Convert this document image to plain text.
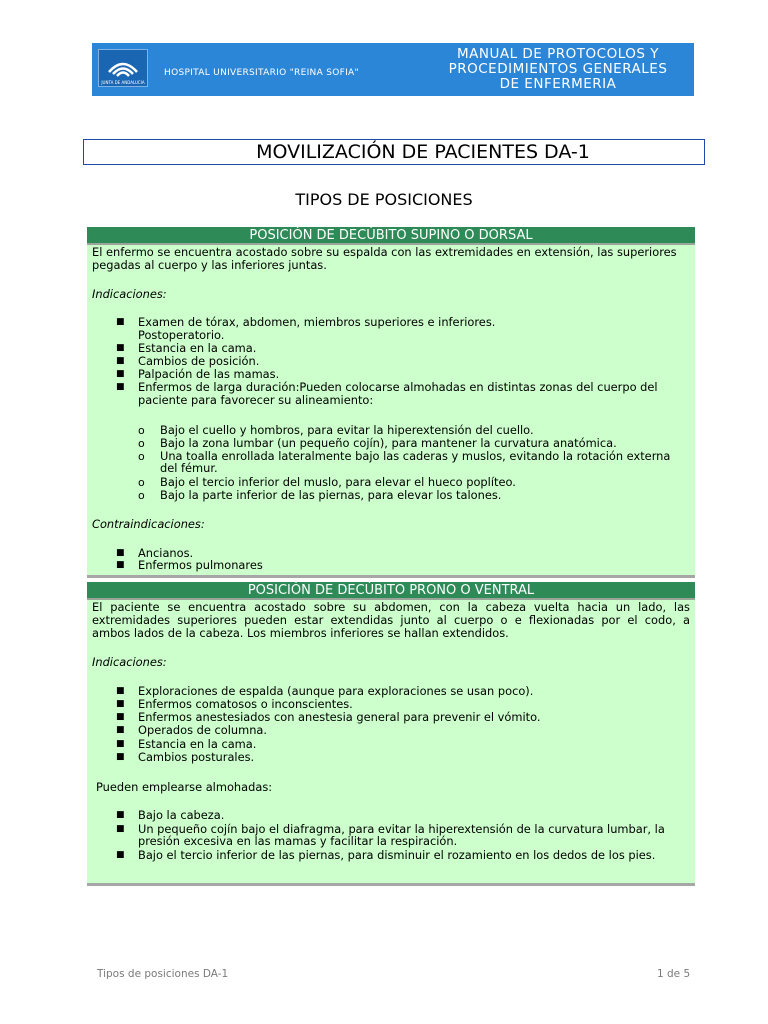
JUNTA DE ANDALUCIA
HOSPITAL UNIVERSITARIO "REINA SOFIA"
MANUAL DE PROTOCOLOS Y
PROCEDIMIENTOS GENERALES
DE ENFERMERIA
MOVILIZACIÓN DE PACIENTES DA-1
TIPOS DE POSICIONES
POSICIÓN DE DECÚBITO SUPINO O DORSAL
El enfermo se encuentra acostado sobre su espalda con las extremidades en extensión, las superiores
pegadas al cuerpo y las inferiores juntas.
Indicaciones:
■ Examen de tórax, abdomen, miembros superiores e inferiores.
Postoperatorio.
■ Estancia en la cama.
■ Cambios de posición.
■ Palpación de las mamas.
■ Enfermos de larga duración:Pueden colocarse almohadas en distintas zonas del cuerpo del
paciente para favorecer su alineamiento:
o Bajo el cuello y hombros, para evitar la hiperextensión del cuello.
o Bajo la zona lumbar (un pequeño cojín), para mantener la curvatura anatómica.
o Una toalla enrollada lateralmente bajo las caderas y muslos, evitando la rotación externa
del fémur.
o Bajo el tercio inferior del muslo, para elevar el hueco poplíteo.
o Bajo la parte inferior de las piernas, para elevar los talones.
Contraindicaciones:
■ Ancianos.
■ Enfermos pulmonares
POSICIÓN DE DECÚBITO PRONO O VENTRAL
El paciente se encuentra acostado sobre su abdomen, con la cabeza vuelta hacia un lado, las
extremidades superiores pueden estar extendidas junto al cuerpo o e flexionadas por el codo, a
ambos lados de la cabeza. Los miembros inferiores se hallan extendidos.
Indicaciones:
■ Exploraciones de espalda (aunque para exploraciones se usan poco).
■ Enfermos comatosos o inconscientes.
■ Enfermos anestesiados con anestesia general para prevenir el vómito.
■ Operados de columna.
■ Estancia en la cama.
■ Cambios posturales.
Pueden emplearse almohadas:
■ Bajo la cabeza.
■ Un pequeño cojín bajo el diafragma, para evitar la hiperextensión de la curvatura lumbar, la
presión excesiva en las mamas y facilitar la respiración.
■ Bajo el tercio inferior de las piernas, para disminuir el rozamiento en los dedos de los pies.
Tipos de posiciones DA-1	1 de 5
